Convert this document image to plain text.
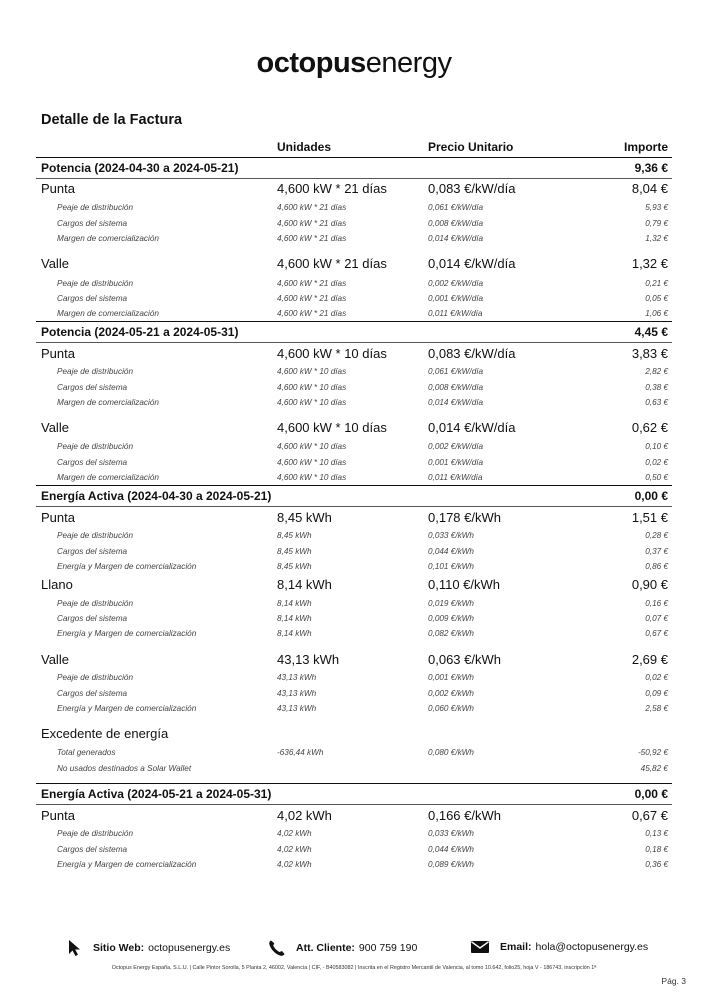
octopusenergy
Detalle de la Factura
Unidades	Precio Unitario	Importe
Potencia (2024-04-30 a 2024-05-21)	9,36 €
Punta	4,600 kW * 21 días	0,083 €/kW/día	8,04 €
Peaje de distribución	4,600 kW * 21 días	0,061 €/kW/día	5,93 €
Cargos del sistema	4,600 kW * 21 días	0,008 €/kW/día	0,79 €
Margen de comercialización	4,600 kW * 21 días	0,014 €/kW/día	1,32 €
Valle	4,600 kW * 21 días	0,014 €/kW/día	1,32 €
Peaje de distribución	4,600 kW * 21 días	0,002 €/kW/día	0,21 €
Cargos del sistema	4,600 kW * 21 días	0,001 €/kW/día	0,05 €
Margen de comercialización	4,600 kW * 21 días	0,011 €/kW/día	1,06 €
Potencia (2024-05-21 a 2024-05-31)	4,45 €
Punta	4,600 kW * 10 días	0,083 €/kW/día	3,83 €
Peaje de distribución	4,600 kW * 10 días	0,061 €/kW/día	2,82 €
Cargos del sistema	4,600 kW * 10 días	0,008 €/kW/día	0,38 €
Margen de comercialización	4,600 kW * 10 días	0,014 €/kW/día	0,63 €
Valle	4,600 kW * 10 días	0,014 €/kW/día	0,62 €
Peaje de distribución	4,600 kW * 10 días	0,002 €/kW/día	0,10 €
Cargos del sistema	4,600 kW * 10 días	0,001 €/kW/día	0,02 €
Margen de comercialización	4,600 kW * 10 días	0,011 €/kW/día	0,50 €
Energía Activa (2024-04-30 a 2024-05-21)	0,00 €
Punta	8,45 kWh	0,178 €/kWh	1,51 €
Peaje de distribución	8,45 kWh	0,033 €/kWh	0,28 €
Cargos del sistema	8,45 kWh	0,044 €/kWh	0,37 €
Energía y Margen de comercialización	8,45 kWh	0,101 €/kWh	0,86 €
Llano	8,14 kWh	0,110 €/kWh	0,90 €
Peaje de distribución	8,14 kWh	0,019 €/kWh	0,16 €
Cargos del sistema	8,14 kWh	0,009 €/kWh	0,07 €
Energía y Margen de comercialización	8,14 kWh	0,082 €/kWh	0,67 €
Valle	43,13 kWh	0,063 €/kWh	2,69 €
Peaje de distribución	43,13 kWh	0,001 €/kWh	0,02 €
Cargos del sistema	43,13 kWh	0,002 €/kWh	0,09 €
Energía y Margen de comercialización	43,13 kWh	0,060 €/kWh	2,58 €
Excedente de energía
Total generados	-636,44 kWh	0,080 €/kWh	-50,92 €
No usados destinados a Solar Wallet	45,82 €
Energía Activa (2024-05-21 a 2024-05-31)	0,00 €
Punta	4,02 kWh	0,166 €/kWh	0,67 €
Peaje de distribución	4,02 kWh	0,033 €/kWh	0,13 €
Cargos del sistema	4,02 kWh	0,044 €/kWh	0,18 €
Energía y Margen de comercialización	4,02 kWh	0,089 €/kWh	0,36 €
Sitio Web: octopusenergy.es	Att. Cliente: 900 759 190	Email: hola@octopusenergy.es
Octopus Energy España, S.L.U. | Calle Pintor Sorolla, 5 Planta 2, 46002, Valencia | CIF, - B40583082 | Inscrita en el Registro Mercantil de Valencia, al tomo 10.642, folio25, hoja V - 186743, inscripción 1ª
Pág. 3
